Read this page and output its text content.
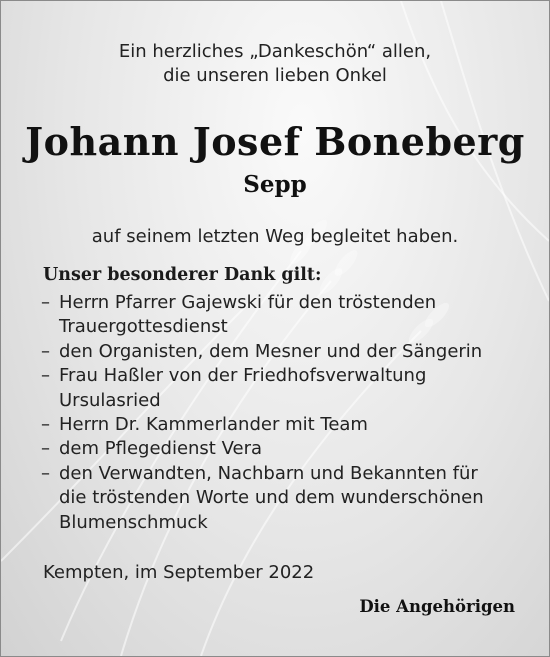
Ein herzliches „Dankeschön“ allen,
die unseren lieben Onkel
Johann Josef Boneberg
Sepp
auf seinem letzten Weg begleitet haben.
Unser besonderer Dank gilt:
– Herrn Pfarrer Gajewski für den tröstenden
Trauergottesdienst
– den Organisten, dem Mesner und der Sängerin
– Frau Haßler von der Friedhofsverwaltung
Ursulasried
– Herrn Dr. Kammerlander mit Team
– dem Pflegedienst Vera
– den Verwandten, Nachbarn und Bekannten für
die tröstenden Worte und dem wunderschönen
Blumenschmuck
Kempten, im September 2022
Die Angehörigen
